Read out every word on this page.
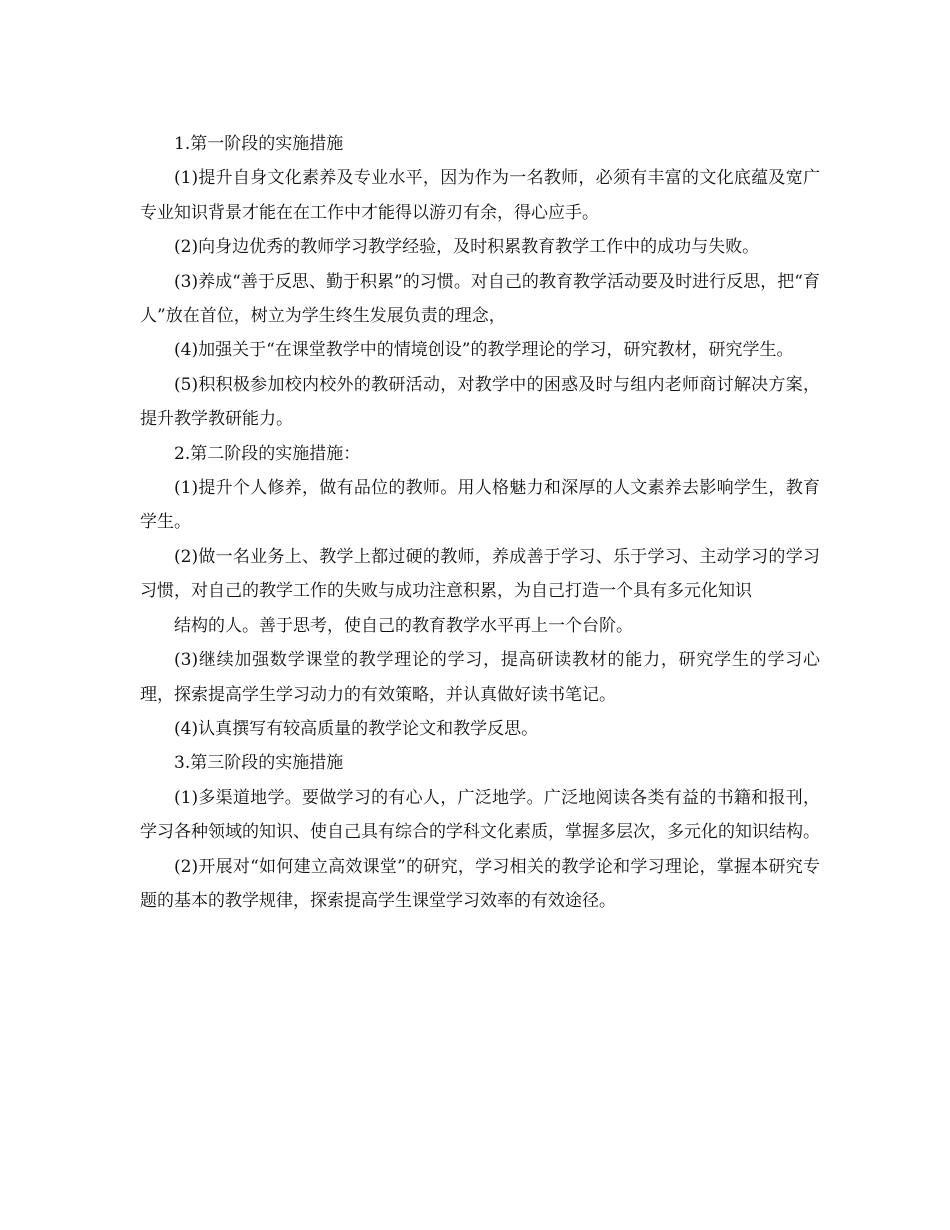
1.第一阶段的实施措施

(1)提升自身文化素养及专业水平，因为作为一名教师，必须有丰富的文化底蕴及宽广专业知识背景才能在在工作中才能得以游刃有余，得心应手。

(2)向身边优秀的教师学习教学经验，及时积累教育教学工作中的成功与失败。

(3)养成“善于反思、勤于积累”的习惯。对自己的教育教学活动要及时进行反思，把“育人”放在首位，树立为学生终生发展负责的理念，

(4)加强关于“在课堂教学中的情境创设”的教学理论的学习，研究教材，研究学生。

(5)积积极参加校内校外的教研活动，对教学中的困惑及时与组内老师商讨解决方案，提升教学教研能力。

2.第二阶段的实施措施：

(1)提升个人修养，做有品位的教师。用人格魅力和深厚的人文素养去影响学生，教育学生。

(2)做一名业务上、教学上都过硬的教师，养成善于学习、乐于学习、主动学习的学习习惯，对自己的教学工作的失败与成功注意积累，为自己打造一个具有多元化知识

结构的人。善于思考，使自己的教育教学水平再上一个台阶。

(3)继续加强数学课堂的教学理论的学习，提高研读教材的能力，研究学生的学习心理，探索提高学生学习动力的有效策略，并认真做好读书笔记。

(4)认真撰写有较高质量的教学论文和教学反思。

3.第三阶段的实施措施

(1)多渠道地学。要做学习的有心人，广泛地学。广泛地阅读各类有益的书籍和报刊，学习各种领域的知识、使自己具有综合的学科文化素质，掌握多层次，多元化的知识结构。

(2)开展对“如何建立高效课堂”的研究，学习相关的教学论和学习理论，掌握本研究专题的基本的教学规律，探索提高学生课堂学习效率的有效途径。
